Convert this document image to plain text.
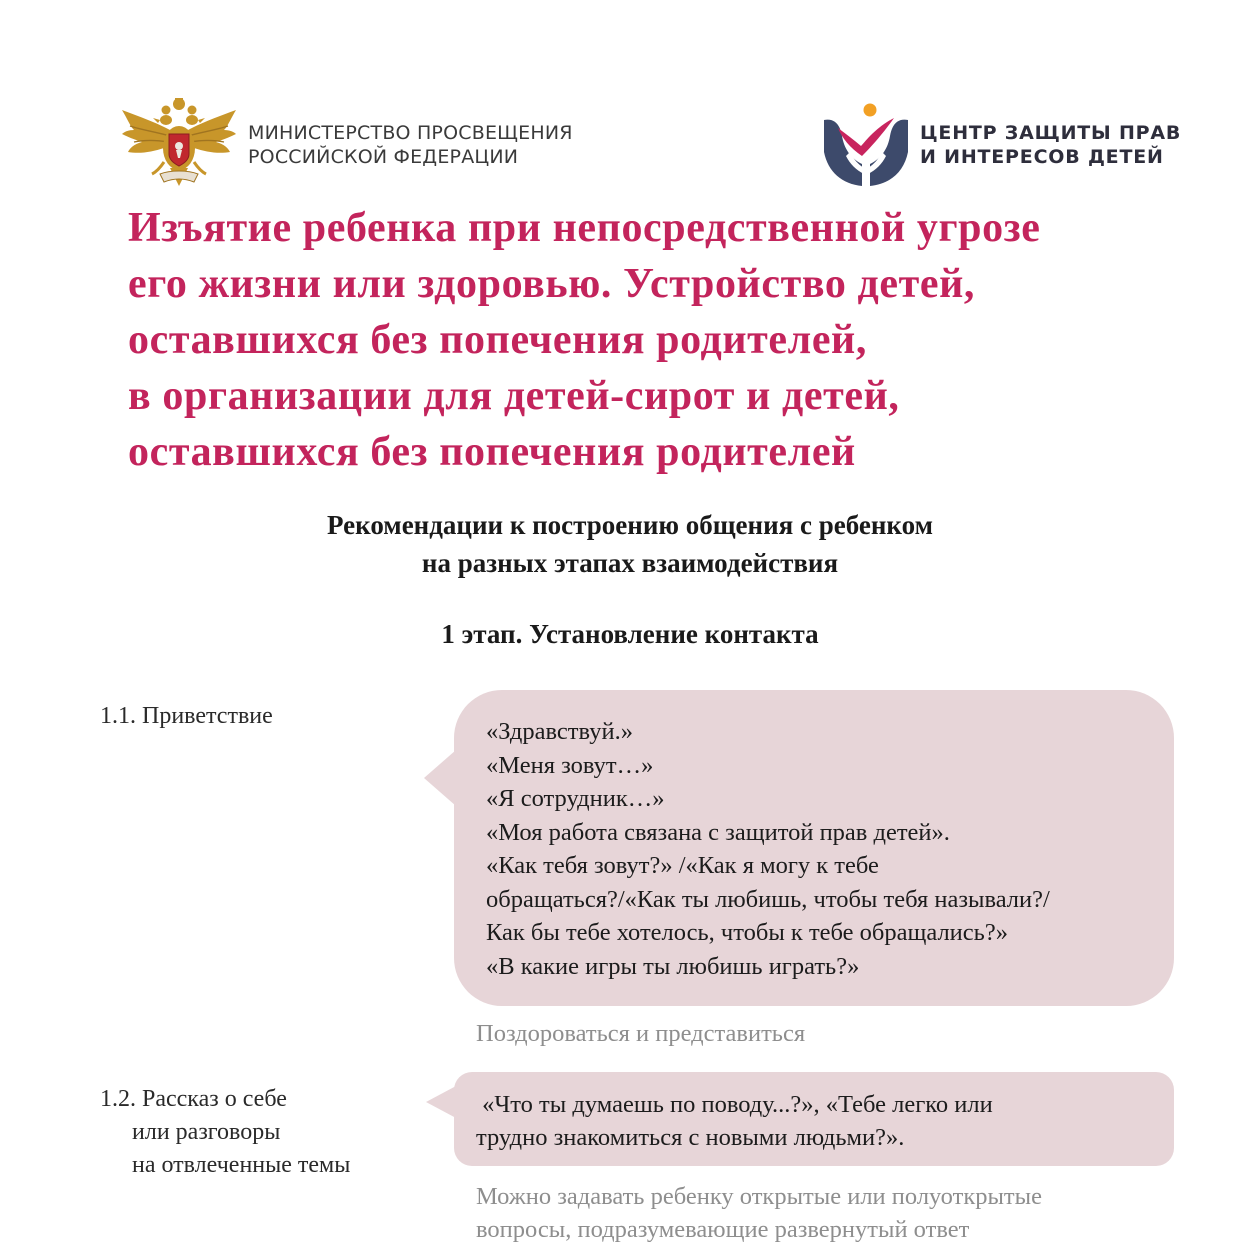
МИНИСТЕРСТВО ПРОСВЕЩЕНИЯ
РОССИЙСКОЙ ФЕДЕРАЦИИ
ЦЕНТР ЗАЩИТЫ ПРАВ
И ИНТЕРЕСОВ ДЕТЕЙ
Изъятие ребенка при непосредственной угрозе
его жизни или здоровью. Устройство детей,
оставшихся без попечения родителей,
в организации для детей-сирот и детей,
оставшихся без попечения родителей
Рекомендации к построению общения с ребенком
на разных этапах взаимодействия
1 этап. Установление контакта
1.1. Приветствие
«Здравствуй.»
«Меня зовут…»
«Я сотрудник…»
«Моя работа связана с защитой прав детей».
«Как тебя зовут?» /«Как я могу к тебе
обращаться?/«Как ты любишь, чтобы тебя называли?/
Как бы тебе хотелось, чтобы к тебе обращались?»
«В какие игры ты любишь играть?»
Поздороваться и представиться
1.2. Рассказ о себе
или разговоры
на отвлеченные темы
«Что ты думаешь по поводу...?», «Тебе легко или
трудно знакомиться с новыми людьми?».
Можно задавать ребенку открытые или полуоткрытые
вопросы, подразумевающие развернутый ответ
